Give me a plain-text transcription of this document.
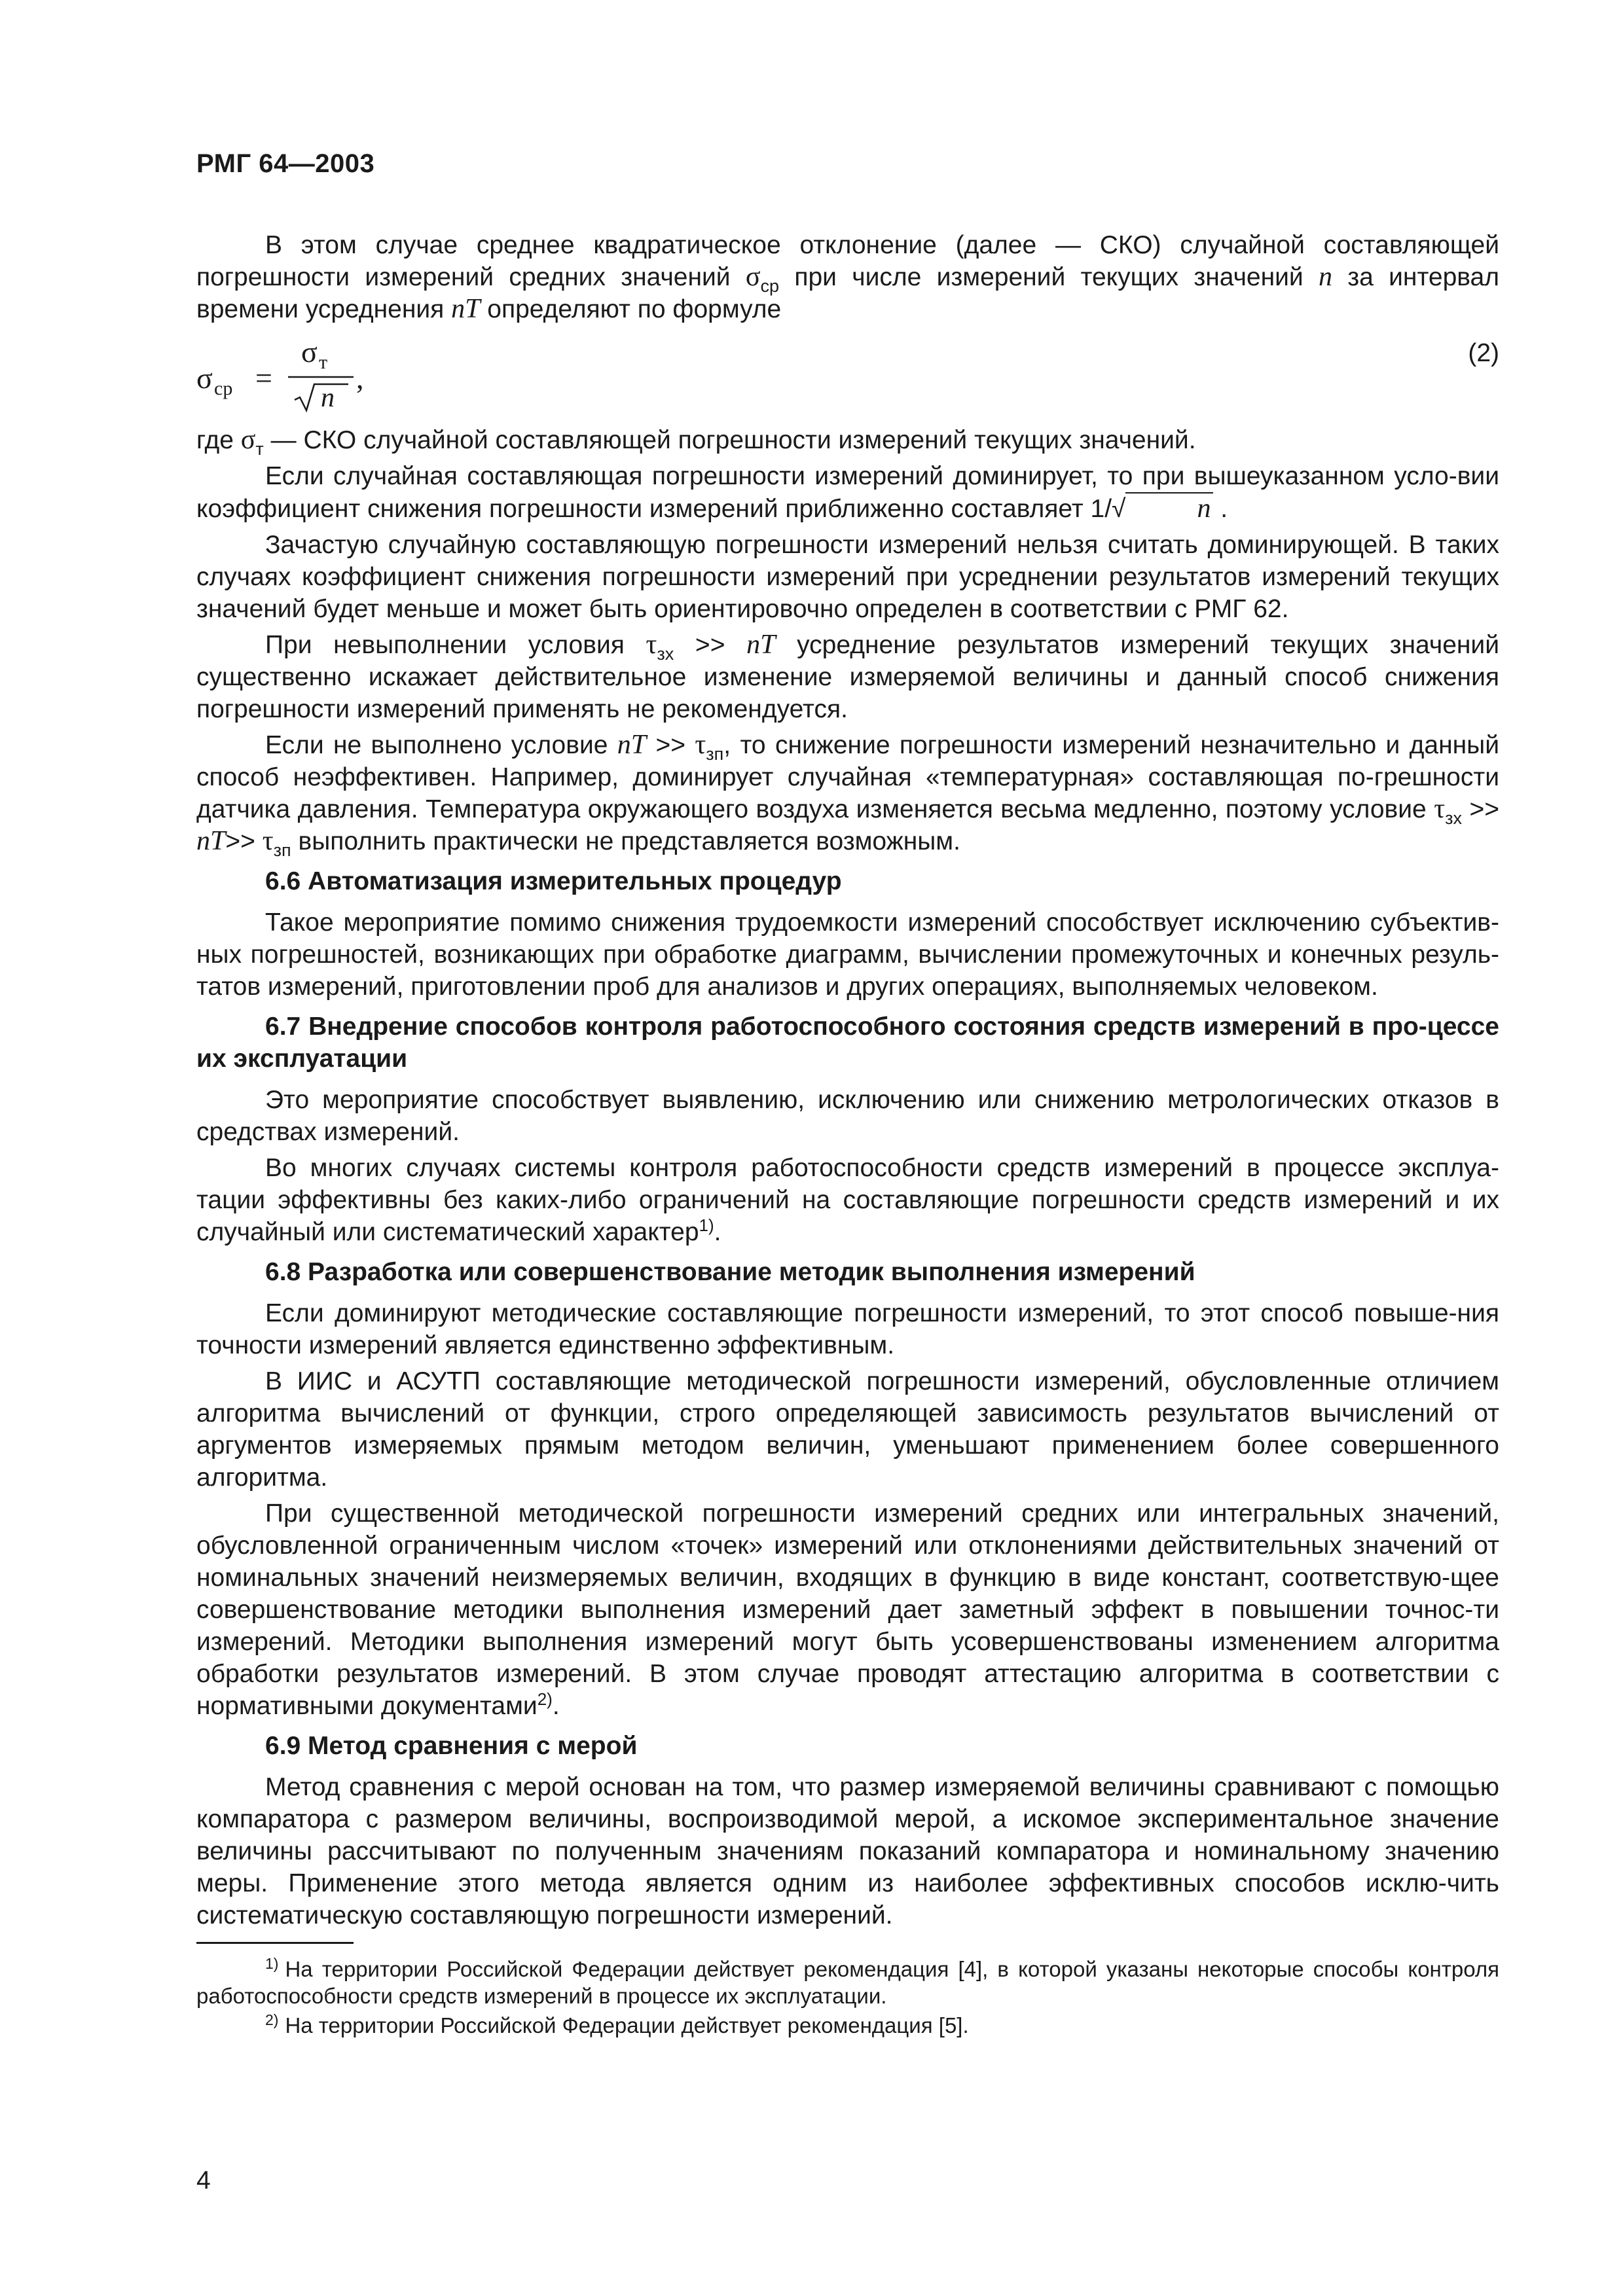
РМГ 64—2003

В этом случае среднее квадратическое отклонение (далее — СКО) случайной составляющей погрешности измерений средних значений $\sigma_{ср}$ при числе измерений текущих значений n за интервал времени усреднения nT определяют по формуле

σ ср =
σ т
n
,
(2)

где $\sigma_т$ — СКО случайной составляющей погрешности измерений текущих значений.

Если случайная составляющая погрешности измерений доминирует, то при вышеуказанном усло-вии коэффициент снижения погрешности измерений приближенно составляет 1/√	n .

Зачастую случайную составляющую погрешности измерений нельзя считать доминирующей. В таких случаях коэффициент снижения погрешности измерений при усреднении результатов измерений текущих значений будет меньше и может быть ориентировочно определен в соответствии с РМГ 62.

При невыполнении условия $\tau_{зх}$ >> nT усреднение результатов измерений текущих значений существенно искажает действительное изменение измеряемой величины и данный способ снижения погрешности измерений применять не рекомендуется.

Если не выполнено условие nT >> $\tau_{зп}$, то снижение погрешности измерений незначительно и данный способ неэффективен. Например, доминирует случайная «температурная» составляющая по-грешности датчика давления. Температура окружающего воздуха изменяется весьма медленно, поэтому условие $\tau_{зх} >> nT>> \tau_{зп}$ выполнить практически не представляется возможным.

6.6 Автоматизация измерительных процедур

Такое мероприятие помимо снижения трудоемкости измерений способствует исключению субъектив-ных погрешностей, возникающих при обработке диаграмм, вычислении промежуточных и конечных резуль-татов измерений, приготовлении проб для анализов и других операциях, выполняемых человеком.

6.7 Внедрение способов контроля работоспособного состояния средств измерений в про-цессе их эксплуатации

Это мероприятие способствует выявлению, исключению или снижению метрологических отказов в средствах измерений.

Во многих случаях системы контроля работоспособности средств измерений в процессе эксплуа-тации эффективны без каких-либо ограничений на составляющие погрешности средств измерений и их случайный или систематический характер$^{1)}$.

6.8 Разработка или совершенствование методик выполнения измерений

Если доминируют методические составляющие погрешности измерений, то этот способ повыше-ния точности измерений является единственно эффективным.

В ИИС и АСУТП составляющие методической погрешности измерений, обусловленные отличием алгоритма вычислений от функции, строго определяющей зависимость результатов вычислений от аргументов измеряемых прямым методом величин, уменьшают применением более совершенного алгоритма.

При существенной методической погрешности измерений средних или интегральных значений, обусловленной ограниченным числом «точек» измерений или отклонениями действительных значений от номинальных значений неизмеряемых величин, входящих в функцию в виде констант, соответствую-щее совершенствование методики выполнения измерений дает заметный эффект в повышении точнос-ти измерений. Методики выполнения измерений могут быть усовершенствованы изменением алгоритма обработки результатов измерений. В этом случае проводят аттестацию алгоритма в соответствии с нормативными документами$^{2)}$.

6.9 Метод сравнения с мерой

Метод сравнения с мерой основан на том, что размер измеряемой величины сравнивают с помощью компаратора с размером величины, воспроизводимой мерой, а искомое экспериментальное значение величины рассчитывают по полученным значениям показаний компаратора и номинальному значению меры. Применение этого метода является одним из наиболее эффективных способов исклю-чить систематическую составляющую погрешности измерений.

$^{1)}$ На территории Российской Федерации действует рекомендация [4], в которой указаны некоторые способы контроля работоспособности средств измерений в процессе их эксплуатации.

$^{2)}$ На территории Российской Федерации действует рекомендация [5].

4
